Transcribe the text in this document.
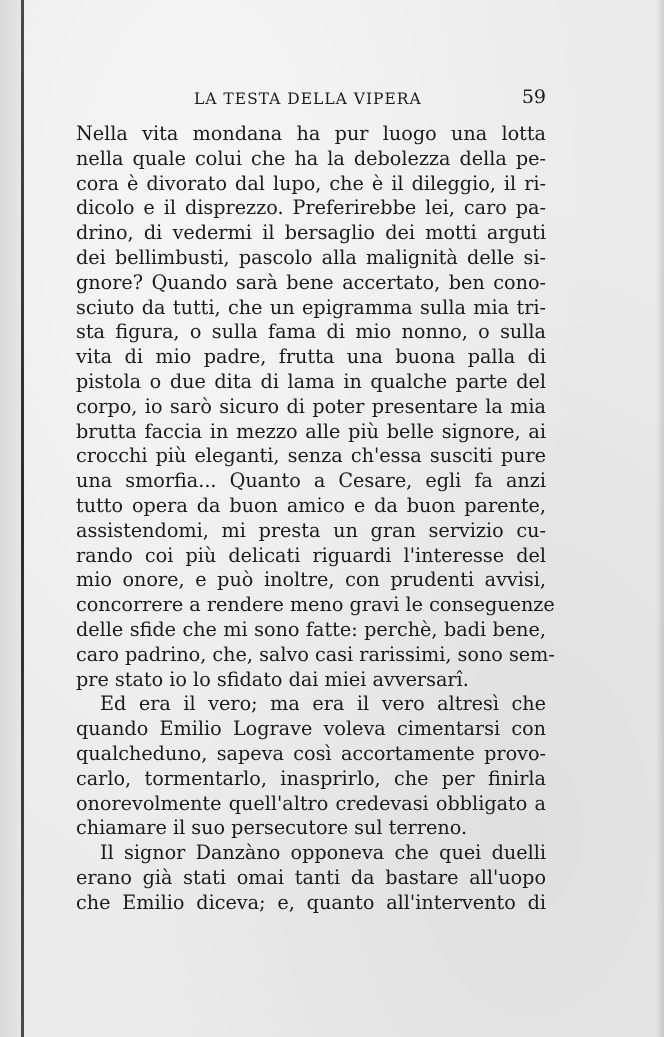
LA TESTA DELLA VIPERA	59
Nella vita mondana ha pur luogo una lotta
nella quale colui che ha la debolezza della pe-
cora è divorato dal lupo, che è il dileggio, il ri-
dicolo e il disprezzo. Preferirebbe lei, caro pa-
drino, di vedermi il bersaglio dei motti arguti
dei bellimbusti, pascolo alla malignità delle si-
gnore? Quando sarà bene accertato, ben cono-
sciuto da tutti, che un epigramma sulla mia tri-
sta figura, o sulla fama di mio nonno, o sulla
vita di mio padre, frutta una buona palla di
pistola o due dita di lama in qualche parte del
corpo, io sarò sicuro di poter presentare la mia
brutta faccia in mezzo alle più belle signore, ai
crocchi più eleganti, senza ch'essa susciti pure
una smorfia... Quanto a Cesare, egli fa anzi
tutto opera da buon amico e da buon parente,
assistendomi, mi presta un gran servizio cu-
rando coi più delicati riguardi l'interesse del
mio onore, e può inoltre, con prudenti avvisi,
concorrere a rendere meno gravi le conseguenze
delle sfide che mi sono fatte: perchè, badi bene,
caro padrino, che, salvo casi rarissimi, sono sem-
pre stato io lo sfidato dai miei avversarî.
Ed era il vero; ma era il vero altresì che
quando Emilio Lograve voleva cimentarsi con
qualcheduno, sapeva così accortamente provo-
carlo, tormentarlo, inasprirlo, che per finirla
onorevolmente quell'altro credevasi obbligato a
chiamare il suo persecutore sul terreno.
Il signor Danzàno opponeva che quei duelli
erano già stati omai tanti da bastare all'uopo
che Emilio diceva; e, quanto all'intervento di
